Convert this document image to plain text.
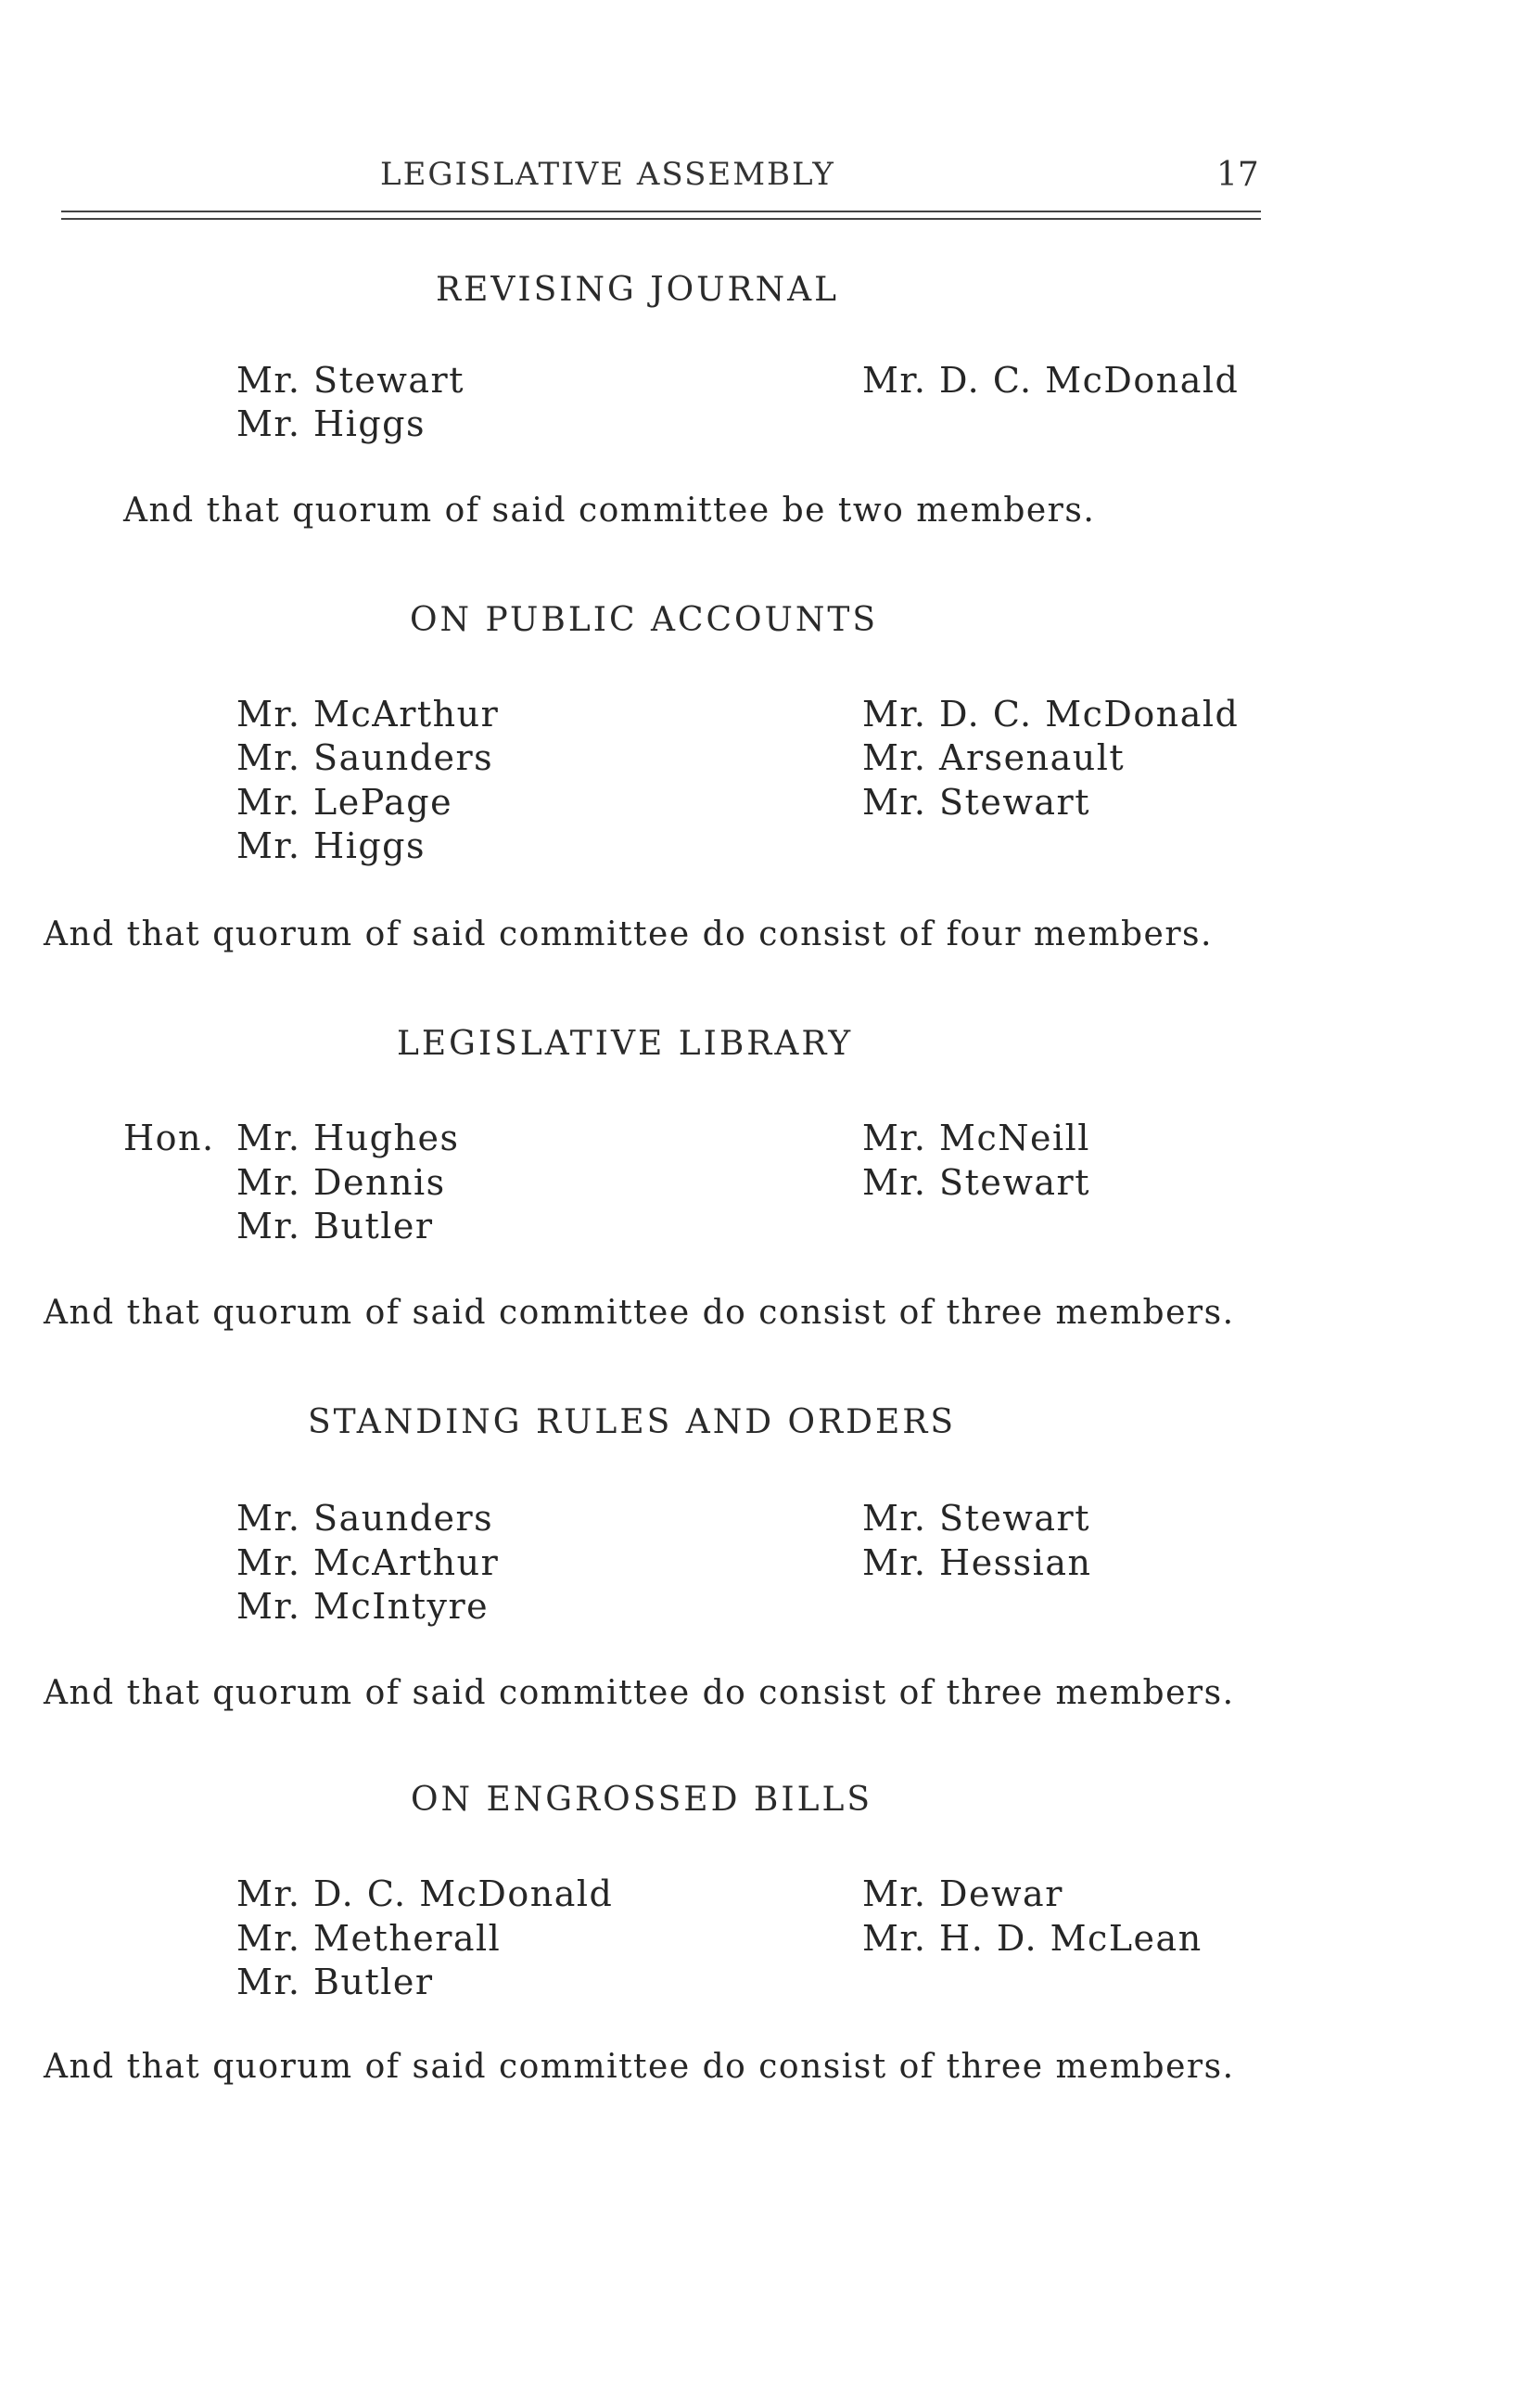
LEGISLATIVE ASSEMBLY	17
REVISING JOURNAL
Mr. Stewart
Mr. Higgs
Mr. D. C. McDonald
And that quorum of said committee be two members.
ON PUBLIC ACCOUNTS
Mr. McArthur
Mr. Saunders
Mr. LePage
Mr. Higgs
Mr. D. C. McDonald
Mr. Arsenault
Mr. Stewart
And that quorum of said committee do consist of four members.
LEGISLATIVE LIBRARY
Hon. Mr. Hughes
Mr. Dennis
Mr. Butler
Mr. McNeill
Mr. Stewart
And that quorum of said committee do consist of three members.
STANDING RULES AND ORDERS
Mr. Saunders
Mr. McArthur
Mr. McIntyre
Mr. Stewart
Mr. Hessian
And that quorum of said committee do consist of three members.
ON ENGROSSED BILLS
Mr. D. C. McDonald
Mr. Metherall
Mr. Butler
Mr. Dewar
Mr. H. D. McLean
And that quorum of said committee do consist of three members.
